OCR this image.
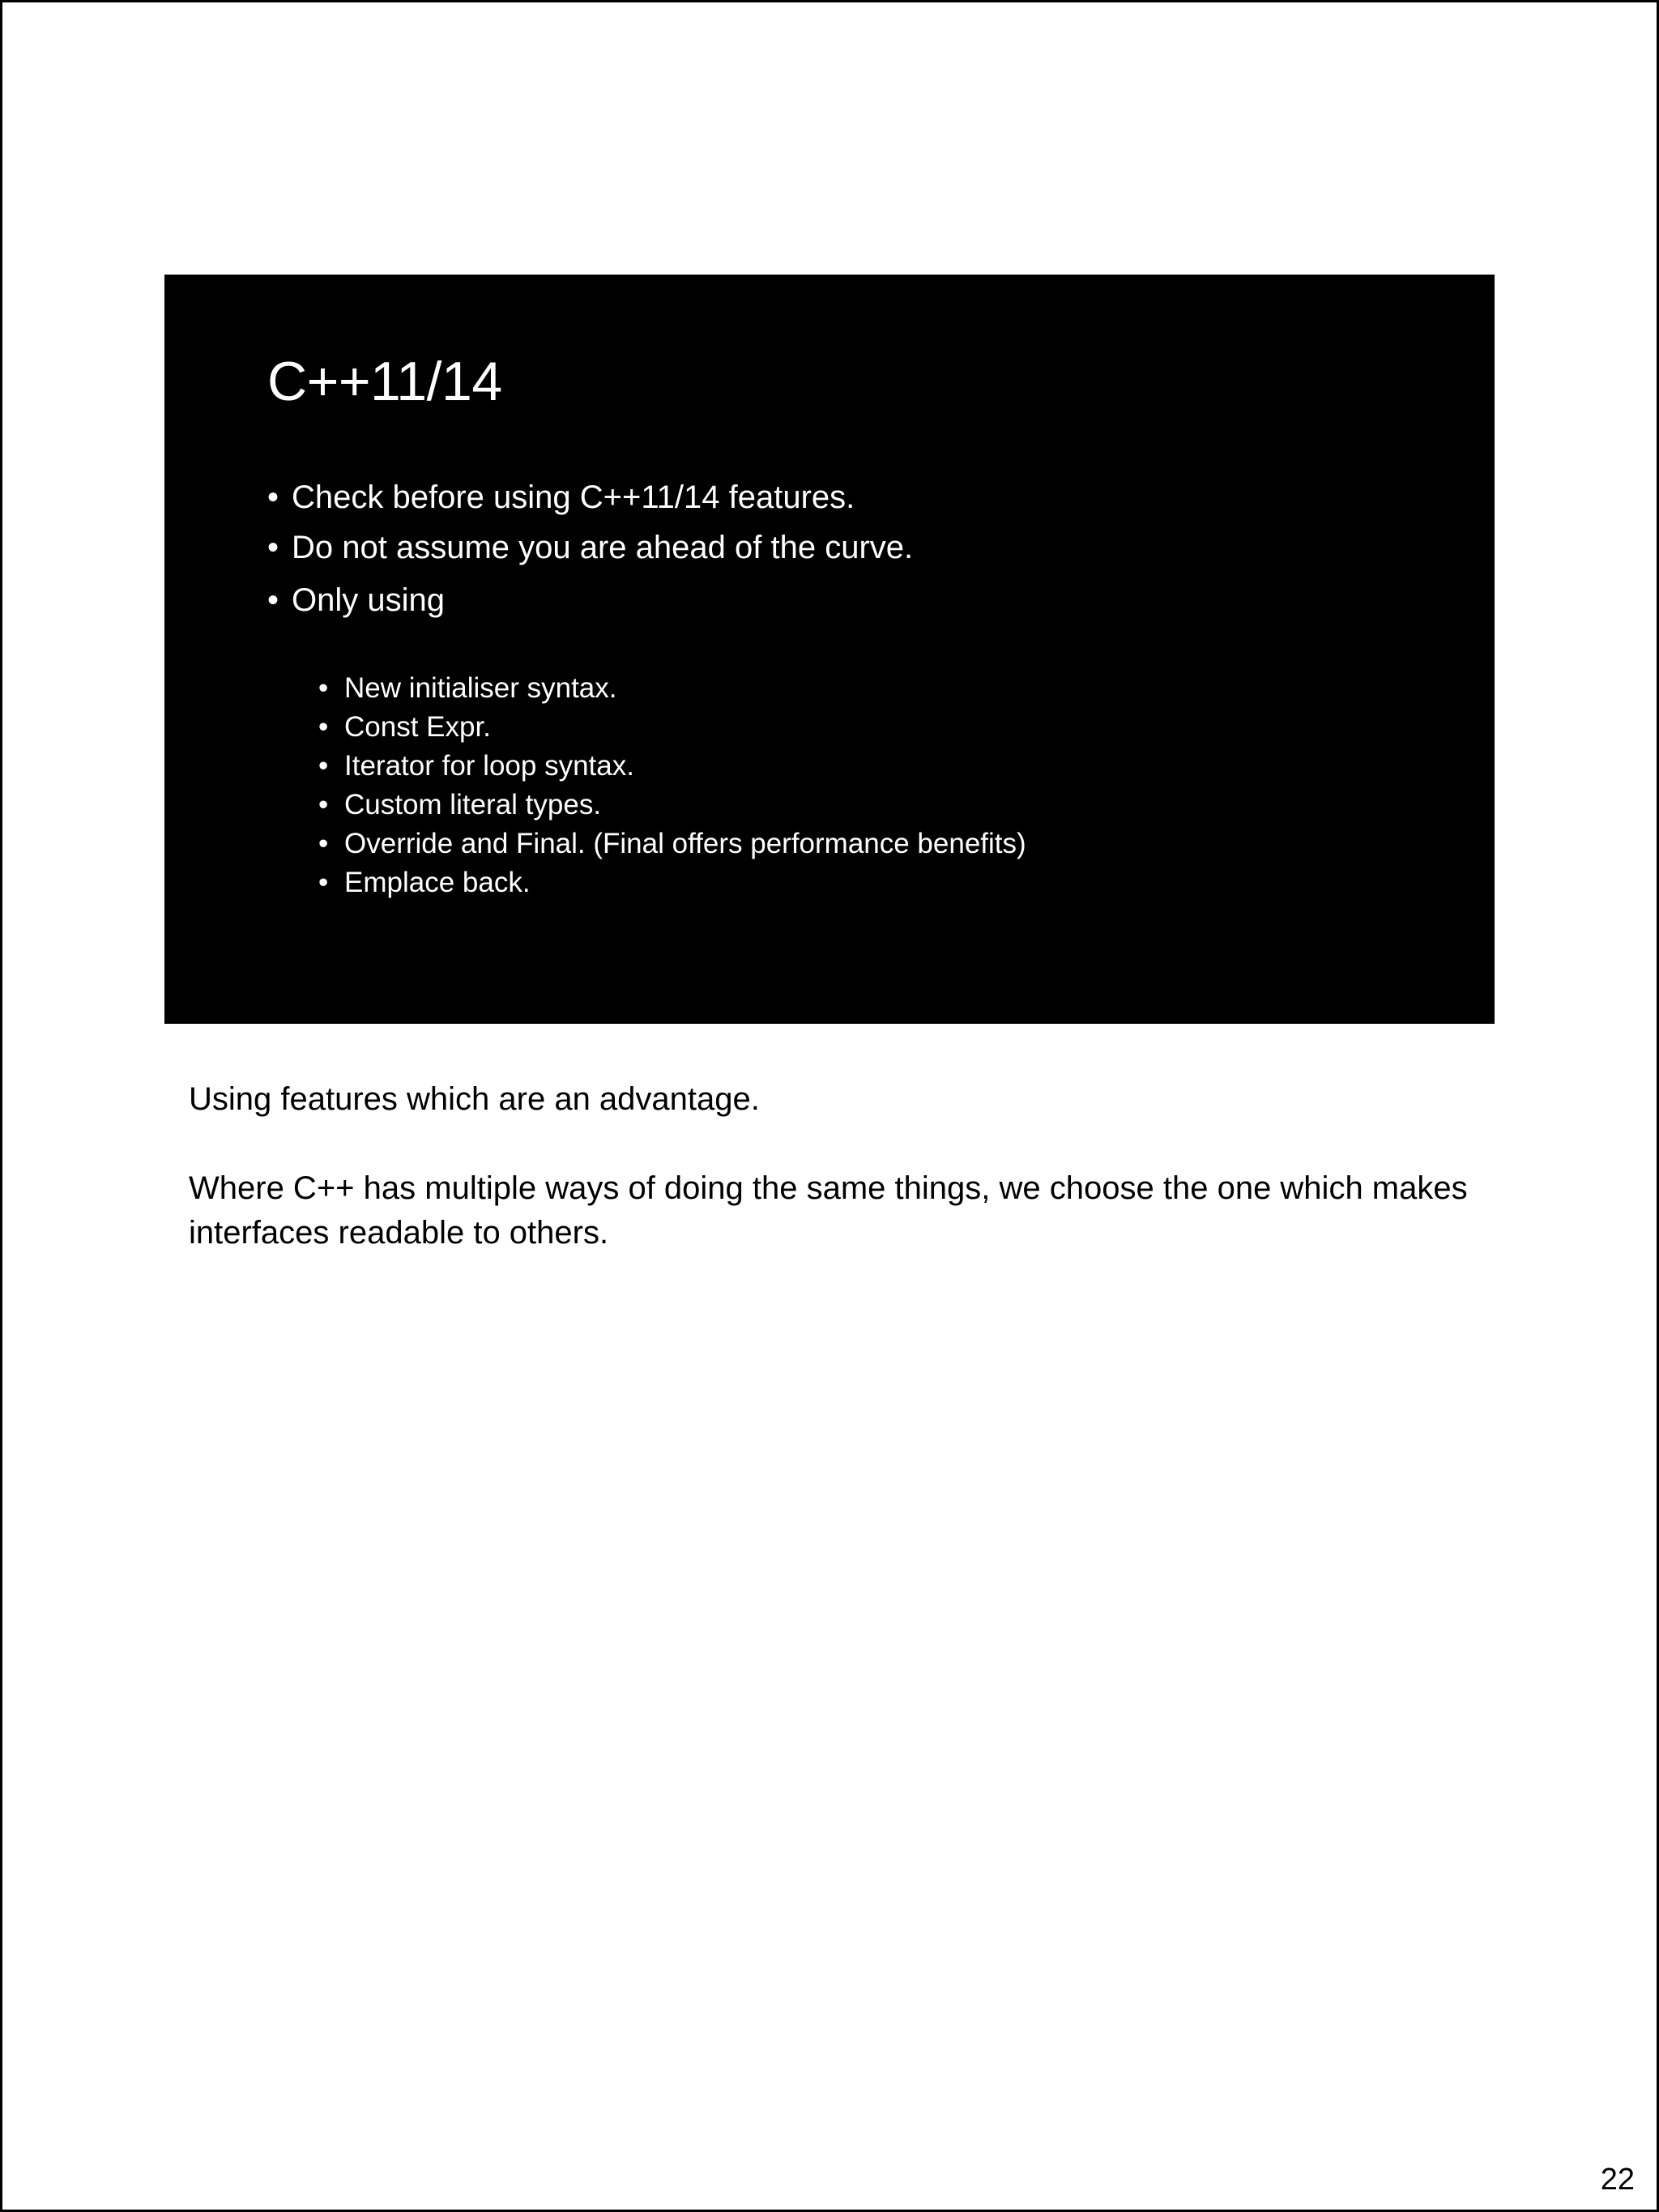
C++11/14
• Check before using C++11/14 features.
• Do not assume you are ahead of the curve.
• Only using
• New initialiser syntax.
• Const Expr.
• Iterator for loop syntax.
• Custom literal types.
• Override and Final. (Final offers performance benefits)
• Emplace back.

Using features which are an advantage.

Where C++ has multiple ways of doing the same things, we choose the one which makes interfaces readable to others.

22
